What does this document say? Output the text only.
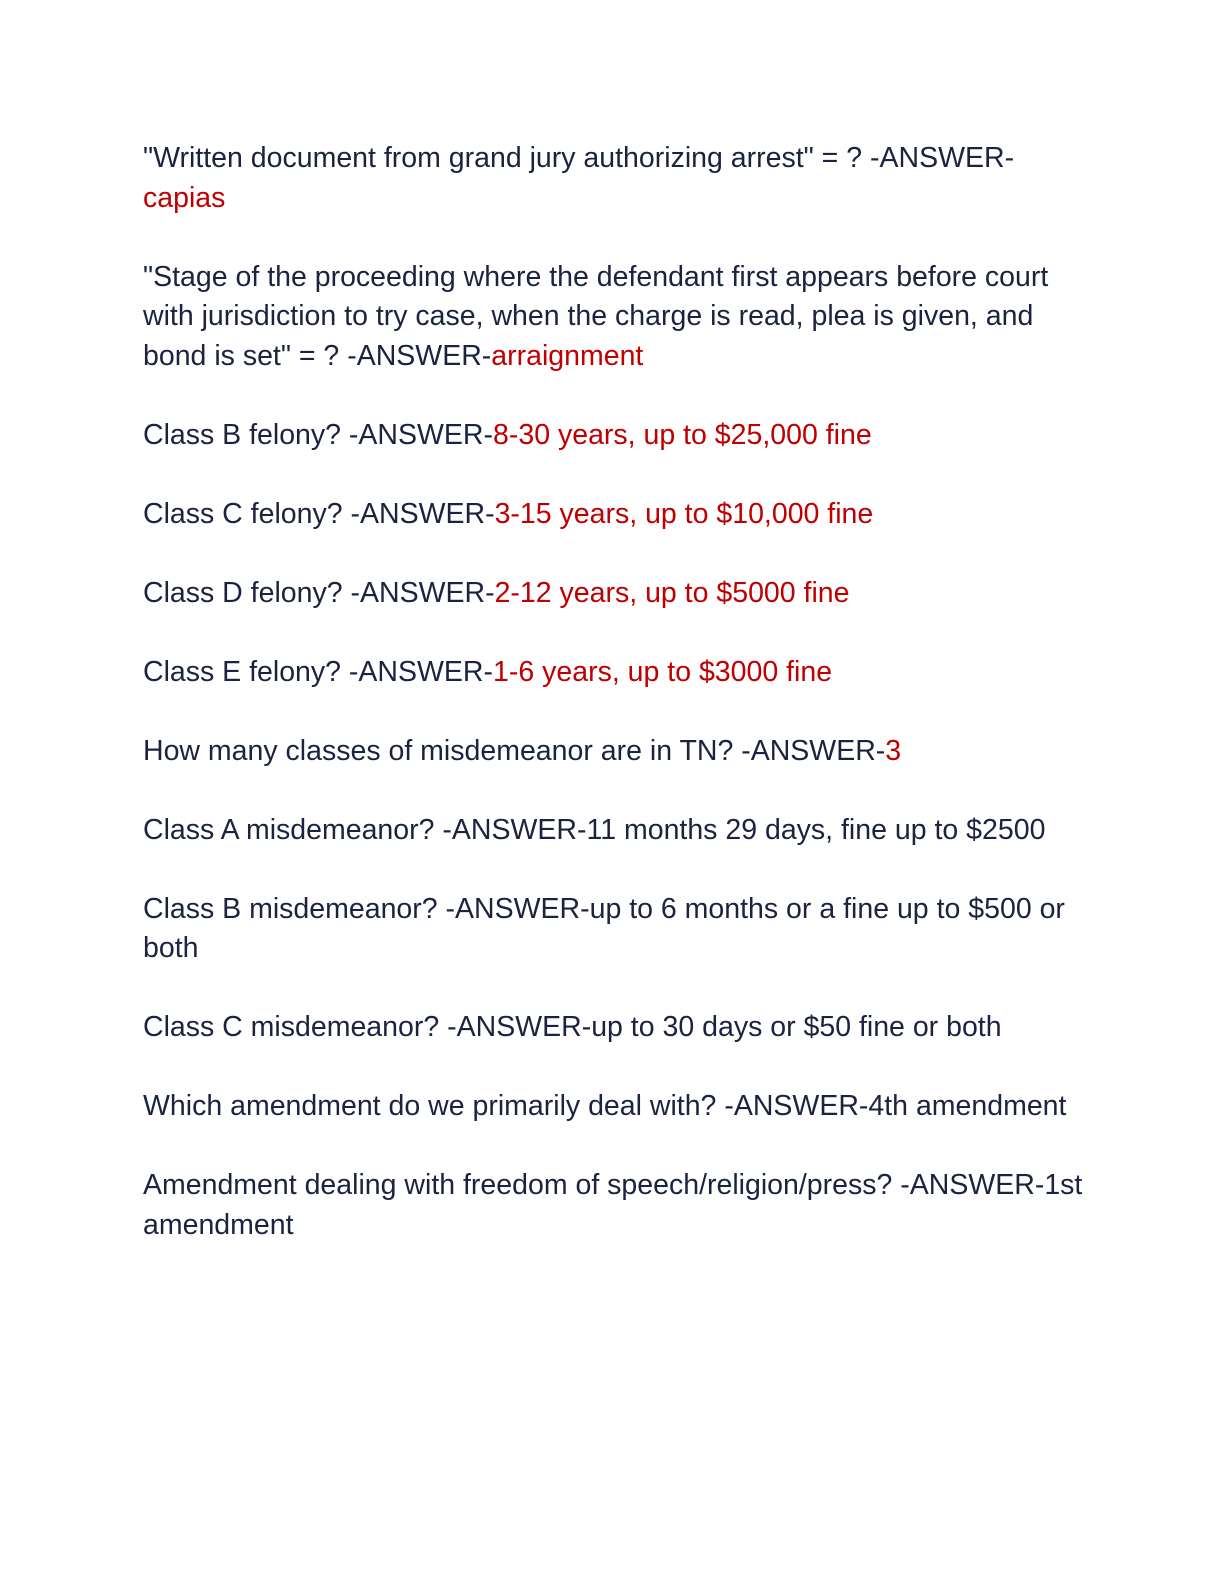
"Written document from grand jury authorizing arrest" = ? -ANSWER-capias

"Stage of the proceeding where the defendant first appears before court with jurisdiction to try case, when the charge is read, plea is given, and bond is set" = ? -ANSWER-arraignment

Class B felony? -ANSWER-8-30 years, up to $25,000 fine

Class C felony? -ANSWER-3-15 years, up to $10,000 fine

Class D felony? -ANSWER-2-12 years, up to $5000 fine

Class E felony? -ANSWER-1-6 years, up to $3000 fine

How many classes of misdemeanor are in TN? -ANSWER-3

Class A misdemeanor? -ANSWER-11 months 29 days, fine up to $2500

Class B misdemeanor? -ANSWER-up to 6 months or a fine up to $500 or both

Class C misdemeanor? -ANSWER-up to 30 days or $50 fine or both

Which amendment do we primarily deal with? -ANSWER-4th amendment

Amendment dealing with freedom of speech/religion/press? -ANSWER-1st amendment
